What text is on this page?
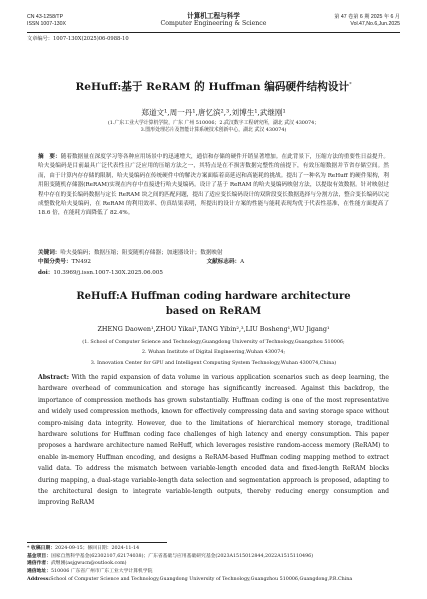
CN 43-1258/TP
ISSN 1007-130X
计算机工程与科学
Computer Engineering & Science
第 47 卷第 6 期 2025 年 6 月
Vol.47,No.6,Jun.2025
文章编号：1007-130X(2025)06-0988-10
ReHuff:基于 ReRAM 的 Huffman 编码硬件结构设计*
郑道文¹,周一丹¹,唐忆滨²,³,刘博生¹,武继刚¹
(1.广东工业大学计算机学院，广东 广州 510006；2.武汉数字工程研究所，湖北 武汉 430074；
3.图形处理芯片及智能计算系统技术创新中心，湖北 武汉 430074)
摘　要：随着数据量在深度学习等各种应用场景中的迅速增大，通信和存储的硬件开销显著增加。在此背景下，压缩方法的重要性日益提升。哈夫曼编码是目前最具广泛代表性且广泛应用的压缩方法之一，其特点是在不损害数据完整性的前提下，有效压缩数据并节省存储空间。然而，由于计算内存存储的限制，哈夫曼编码在传统硬件中的解决方案面临着高延迟和高能耗的挑战。提出了一种名为 ReHuff 的硬件架构，利用阻变随机存储器(ReRAM)实现在内存中直接进行哈夫曼编码。设计了基于 ReRAM 的哈夫曼编码映射方法，以提取有效数据。针对映射过程中存在的变长编码数据与定长 ReRAM 块之间的匹配问题，提出了适应变长编码设计的双阶段变长数据选择与分割方法，整合变长编码以完成整数化哈夫曼编码，在 ReRAM 的利用效率、仿真结果表明，所提出的设计方案的性能与能耗表现均优于代表性基准，在性能方面提高了 18.6 倍，在能耗方面降低了 82.4%。
关键词：哈夫曼编码；数据压缩；阻变随机存储器；加速器设计；数据映射
中图分类号：TN492	文献标志码：A
doi：10.3969/j.issn.1007-130X.2025.06.005
ReHuff:A Huffman coding hardware architecture
based on ReRAM
ZHENG Daowen¹,ZHOU Yikai¹,TANG Yibin²,³,LIU Bosheng¹,WU Jigang¹
(1. School of Computer Science and Technology,Guangdong University of Technology,Guangzhou 510006;
2. Wuhan Institute of Digital Engineering,Wuhan 430074;
3. Innovation Center for GPU and Intelligent Computing System Technology,Wuhan 430074,China)
Abstract: With the rapid expansion of data volume in various application scenarios such as deep learning, the hardware overhead of communication and storage has significantly increased. Against this backdrop, the importance of compression methods has grown substantially. Huffman coding is one of the most representative and widely used compression methods, known for effectively compressing data and saving storage space without compro-mising data integrity. However, due to the limitations of hierarchical memory storage, traditional hardware solutions for Huffman coding face challenges of high latency and energy consumption. This paper proposes a hardware architecture named ReHuff, which leverages resistive random-access memory (ReRAM) to enable in-memory Huffman encoding, and designs a ReRAM-based Huffman coding mapping method to extract valid data. To address the mismatch between variable-length encoded data and fixed-length ReRAM blocks during mapping, a dual-stage variable-length data selection and segmentation approach is proposed, adapting to the architectural design to integrate variable-length outputs, thereby reducing energy consumption and improving ReRAM
* 收稿日期：2024-09-15；修回日期：2024-11-14
基金项目：国家自然科学基金(62302107,62174038)；广东省基础与应用基础研究基金(2023A1515012844,2022A1515110496)
通信作者：武继刚(asjgwucn@outlook.com)
通信地址：510006 广东省广州市广东工业大学计算机学院
Address:School of Computer Science and Technology,Guangdong University of Technology,Guangzhou 510006,Guangdong,P.R.China
